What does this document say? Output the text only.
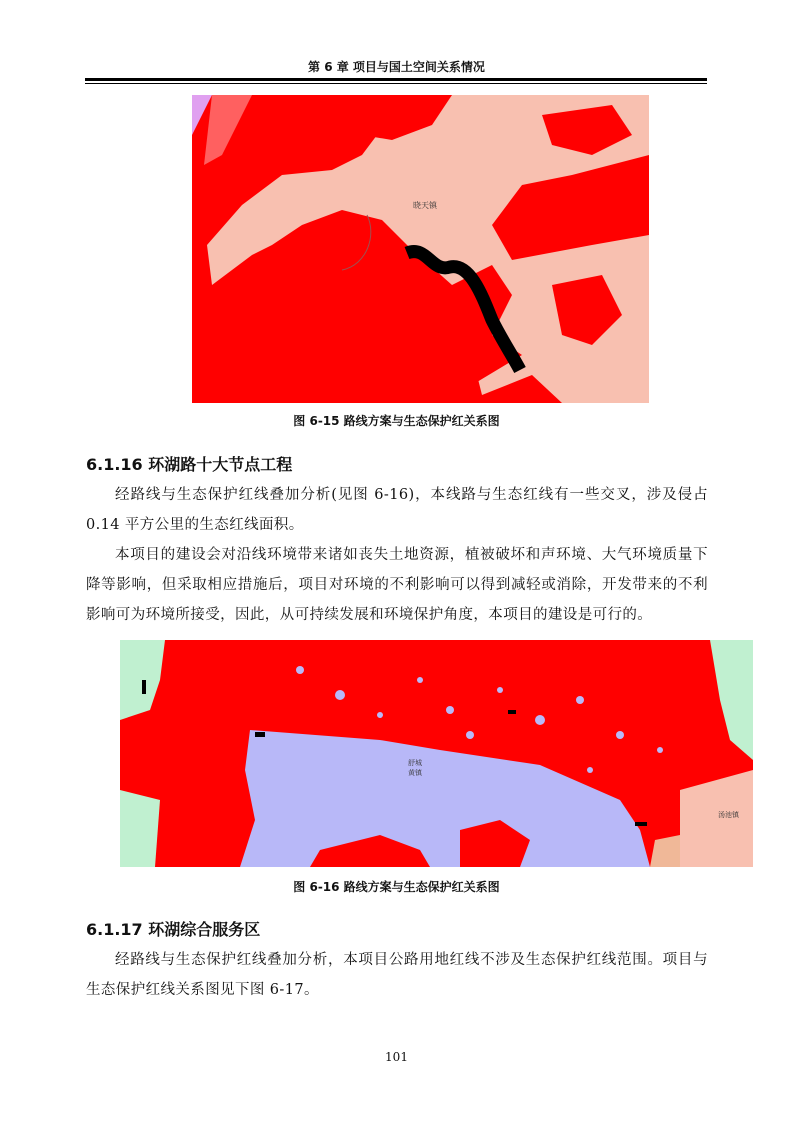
第 6 章 项目与国土空间关系情况
晓天镇
图 6-15 路线方案与生态保护红关系图
6.1.16 环湖路十大节点工程
经路线与生态保护红线叠加分析(见图 6-16)，本线路与生态红线有一些交叉，涉及侵占 0.14 平方公里的生态红线面积。
本项目的建设会对沿线环境带来诸如丧失土地资源，植被破坏和声环境、大气环境质量下降等影响，但采取相应措施后，项目对环境的不利影响可以得到减轻或消除，开发带来的不利影响可为环境所接受，因此，从可持续发展和环境保护角度，本项目的建设是可行的。
舒城
黄镇
汤池镇
图 6-16 路线方案与生态保护红关系图
6.1.17 环湖综合服务区
经路线与生态保护红线叠加分析，本项目公路用地红线不涉及生态保护红线范围。项目与生态保护红线关系图见下图 6-17。
101
